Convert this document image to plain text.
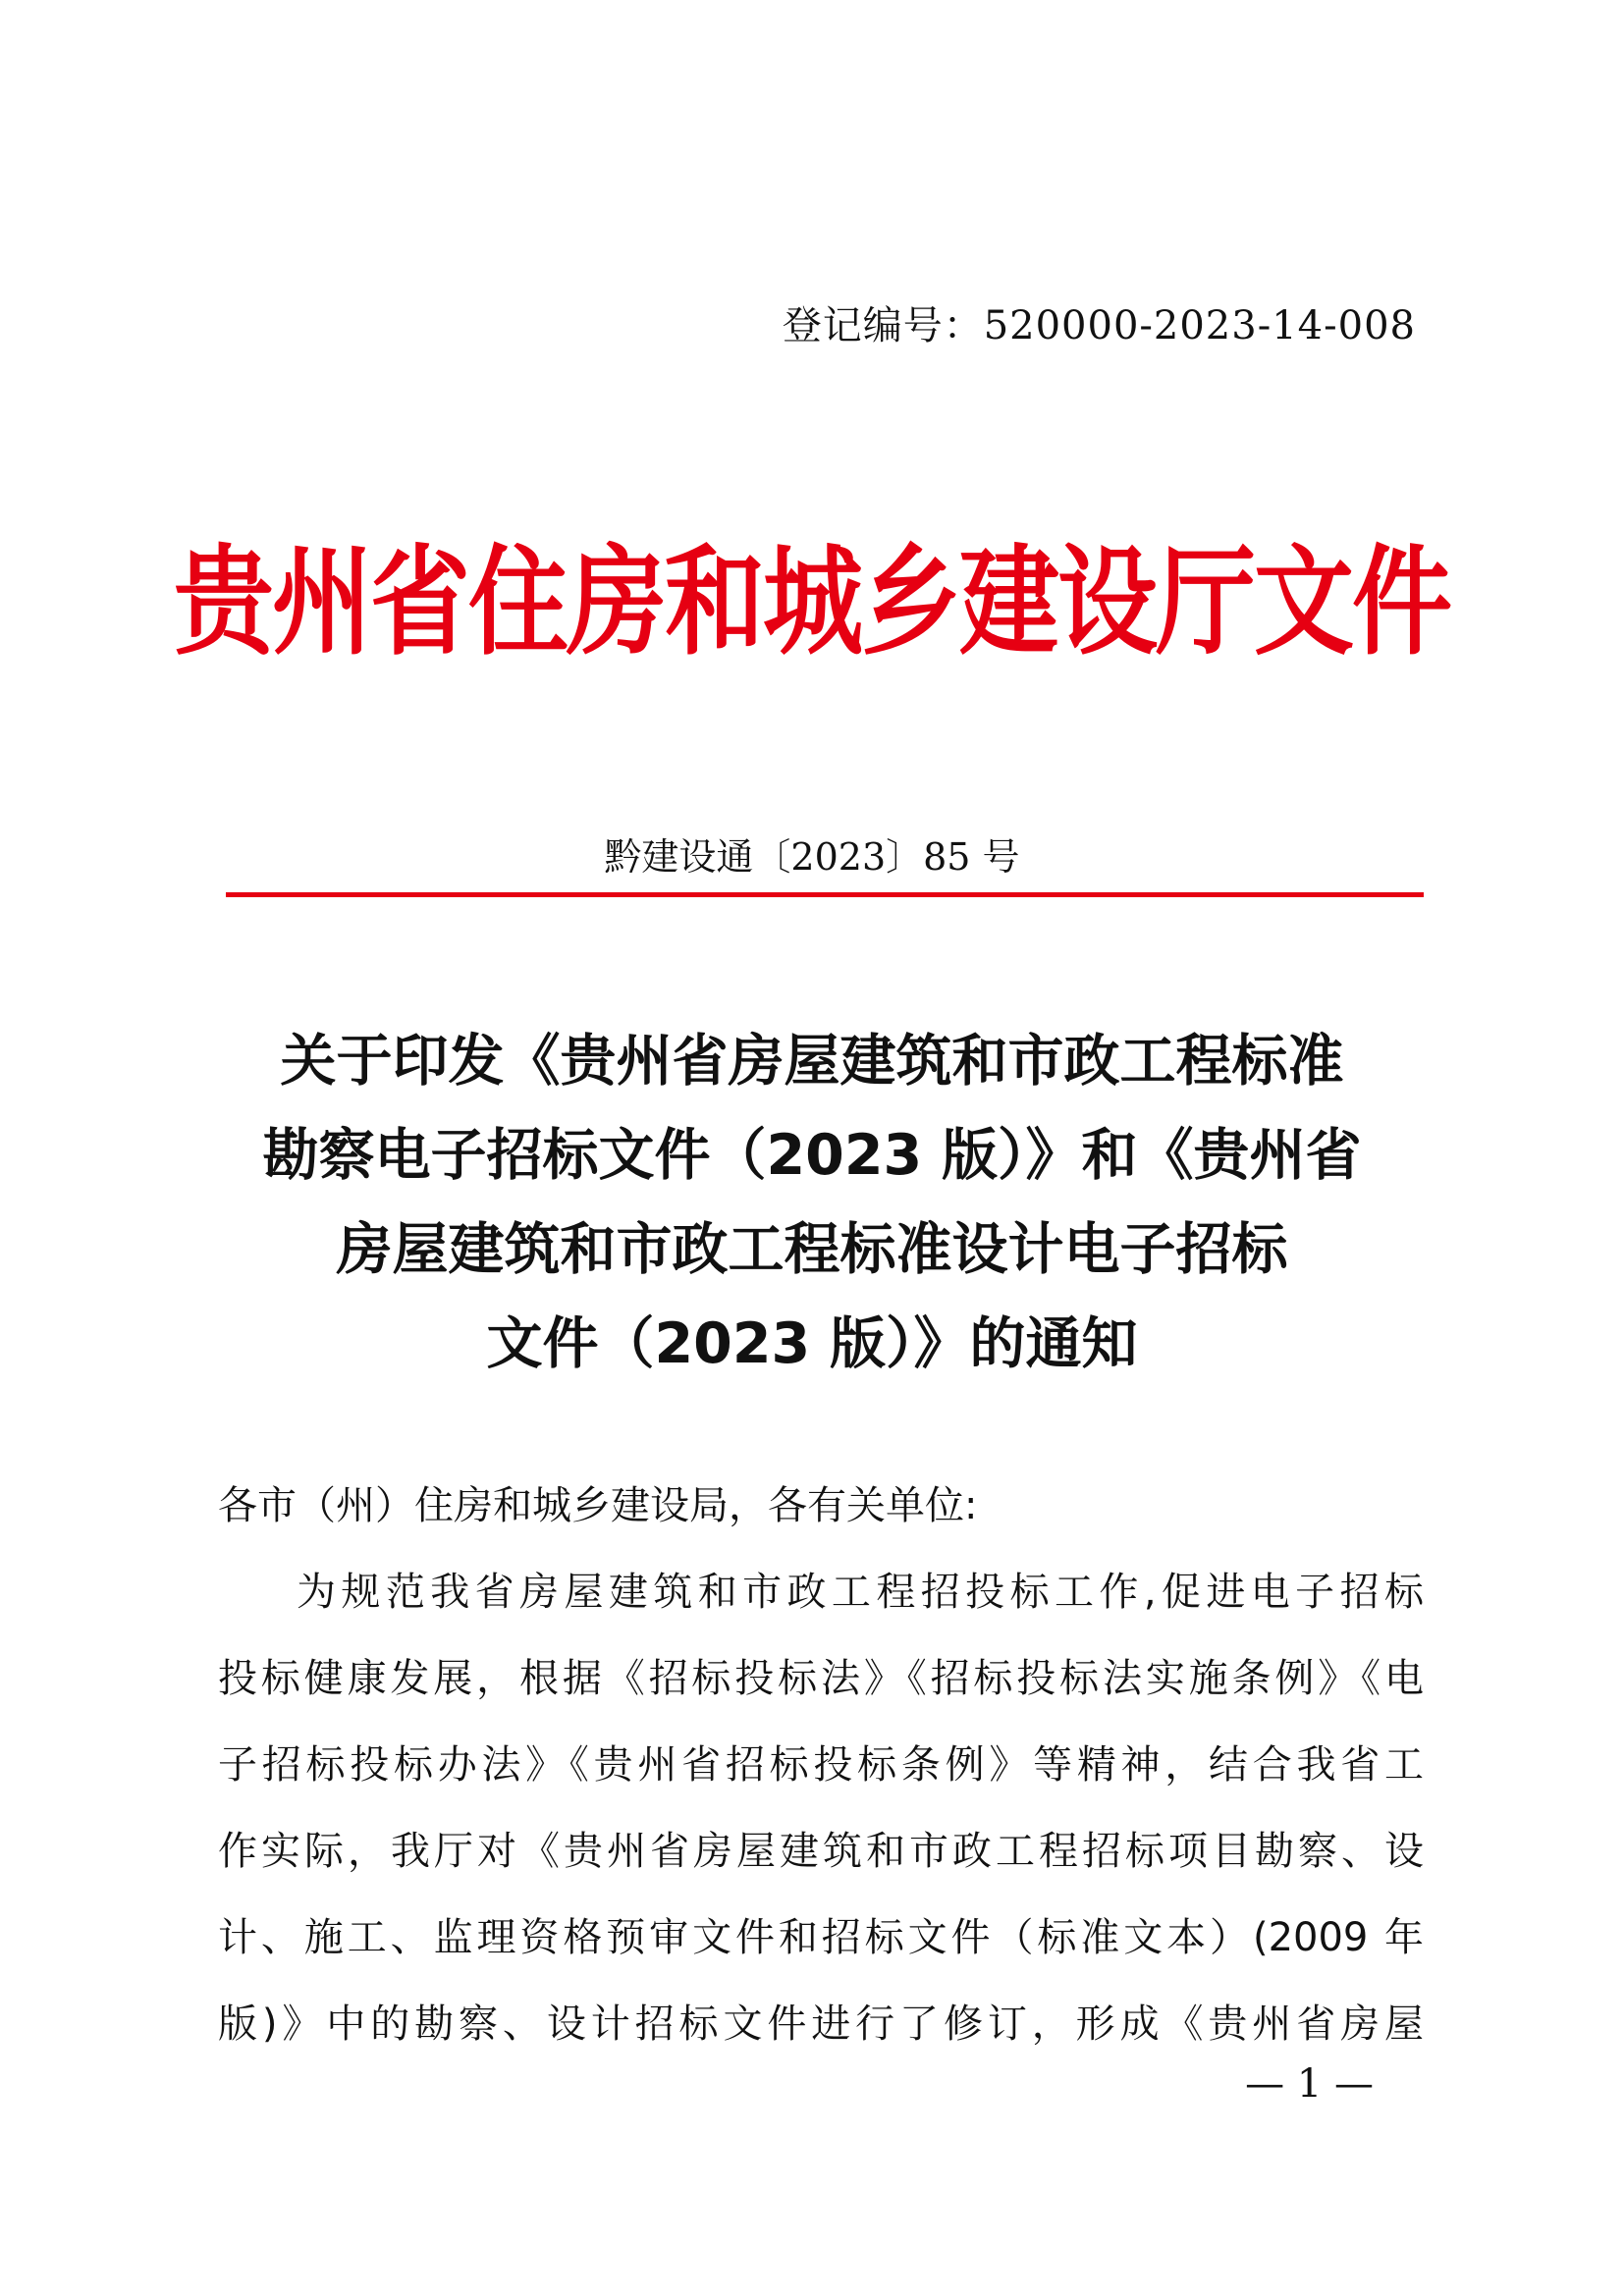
登记编号：520000-2023-14-008
贵州省住房和城乡建设厅文件
黔建设通〔2023〕85 号
关于印发《贵州省房屋建筑和市政工程标准
勘察电子招标文件（2023 版）》和《贵州省
房屋建筑和市政工程标准设计电子招标
文件（2023 版）》的通知
各市（州）住房和城乡建设局，各有关单位:
为规范我省房屋建筑和市政工程招投标工作,促进电子招标
投标健康发展，根据《招标投标法》《招标投标法实施条例》《电
子招标投标办法》《贵州省招标投标条例》等精神，结合我省工
作实际，我厅对《贵州省房屋建筑和市政工程招标项目勘察、设
计、施工、监理资格预审文件和招标文件（标准文本）(2009 年
版)》中的勘察、设计招标文件进行了修订，形成《贵州省房屋
— 1 —
